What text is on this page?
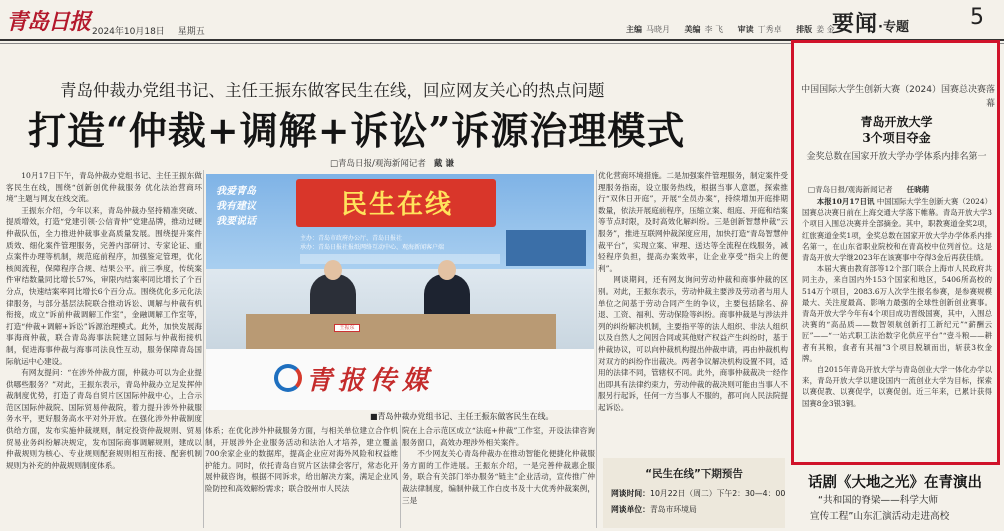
青岛日报 2024年10月18日 星期五	主编 马晓月 美编 李 飞 审读 丁秀卓 排版 姜 金
要闻·专题	5
青岛仲裁办党组书记、主任王振东做客民生在线，回应网友关心的热点问题
打造“仲裁+调解+诉讼”诉源治理模式
□青岛日报/观海新闻记者 戴 谦

10月17日下午，青岛仲裁办党组书记、主任王振东做客民生在线，围绕“创新创优仲裁服务 优化法治营商环境”主题与网友在线交流。

王振东介绍，今年以来，青岛仲裁办坚持精准突破、提质增效，打造“党建引领·公信青仲”党建品牌，推动过硬仲裁队伍，全力推进仲裁事业高质量发展。围绕提升案件质效、细化案件管理服务，完善内部研讨、专家论证、重点案件办理等机制，规范庭前程序，加强鉴定管理，优化核阅流程，保障程序合规、结果公平。前三季度，传统案件审结数量同比增长57%，审限内结案率同比增长了个百分点，快速结案率同比增长6个百分点。围绕优化多元化法律服务，与部分基层法院联合推动诉讼、调解与仲裁有机衔接，成立“诉前仲裁调解工作室”，金融调解工作室等，打造“仲裁+调解+诉讼”诉源治理模式。此外，加快发展海事海商仲裁，联合青岛海事法院建立国际与仲裁衔接机制，促进海事仲裁与海事司法良性互动，服务保障青岛国际航运中心建设。

有网友提问：“在涉外仲裁方面，仲裁办可以为企业提供哪些服务？”对此，王振东表示，青岛仲裁办立足发挥仲裁制度优势，打造了青岛自贸片区国际仲裁中心，上合示范区国际仲裁院、国际贸易仲裁院，着力提升涉外仲裁服务水平，更好服务高水平对外开放。在强化涉外仲裁制度供给方面，发布实施仲裁规则，制定投资仲裁规则、贸易贸易业务纠纷解决规定，发布国际商事调解规则，建成以仲裁规则为核心、专业规则配套规则相互衔接、配套机制规则为补充的仲裁规则制度体系。

我爱青岛
我有建议
我要说话
民生在线
主办：青岛市政府办公厅、青岛日报社
承办：青岛日报社报纸网络互动中心、观海新闻客户端
王振东
青报传媒
■青岛仲裁办党组书记、主任王振东做客民生在线。

体系；在优化涉外仲裁服务方面，与相关单位建立合作机制，开展涉外企业服务活动和法治人才培养，建立覆盖700余家企业的数据库，提高企业应对海外风险和权益维护能力。同时，依托青岛自贸片区法律会客厅，常态化开展仲裁咨询，根据不同诉求，给出解决方案，满足企业风险防控和高效解纷需求；联合胶州市人民法

院在上合示范区成立“法庭+仲裁”工作室，开设法律咨询服务窗口，高效办理涉外相关案件。

不少网友关心青岛仲裁办在推动智能化便捷化仲裁服务方面的工作进展。王振东介绍，一是完善仲裁惠企服务，联合有关部门举办服务“链主”企业活动，宣传推广仲裁法律制度，编制仲裁工作白皮书及十大优秀仲裁案例，三是

优化营商环境措施。二是加强案件管理服务，制定案件受理服务指南，设立服务热线，根据当事人意愿，探索推行“双休日开庭”，开展“全员办案”，持续增加开庭排期数量，依法开展庭前程序，压缩立案、组庭、开庭和结案等节点时限，及时高效化解纠纷。三是创新智慧仲裁“云服务”，推进互联网仲裁深度应用，加快打造“青岛智慧仲裁平台”，实现立案、审理、送达等全流程在线服务，减轻程序负担，提高办案效率，让企业享受“指尖上的便利”。

网谈期间，还有网友询问劳动仲裁和商事仲裁的区别。对此，王振东表示，劳动仲裁主要涉及劳动者与用人单位之间基于劳动合同产生的争议，主要包括除名、辞退、工资、福利、劳动保险等纠纷。商事仲裁是与涉法并列的纠纷解决机制，主要指平等的法人组织、非法人组织以及自然人之间因合同或其他财产权益产生纠纷时，基于仲裁协议，可以向仲裁机构提出仲裁申请，再由仲裁机构对双方的纠纷作出裁决。两者争议解决机构设置不同，适用的法律不同，管辖权不同。此外，商事仲裁裁决一经作出即具有法律约束力，劳动仲裁的裁决则可能由当事人不服另行起诉，任何一方当事人不服的，都可向人民法院提起诉讼。

“民生在线”下期预告
网谈时间：10月22日（周二）下午2：30—4：00
网谈单位：青岛市环境局
中国国际大学生创新大赛（2024）国赛总决赛落幕
青岛开放大学
3个项目夺金
金奖总数在国家开放大学办学体系内排名第一
□青岛日报/观海新闻记者 任晓萌

本报10月17日讯 中国国际大学生创新大赛（2024）国赛总决赛日前在上海交通大学落下帷幕。青岛开放大学3个项目入围总决赛并全部摘金。其中，职教赛道金奖2项，红旅赛道金奖1项，金奖总数在国家开放大学办学体系内排名第一，在山东省职业院校和在青高校中位列首位。这是青岛开放大学继2023年在该赛事中夺得3金后再获佳绩。

本届大赛由教育部等12个部门联合上海市人民政府共同主办，来自国内外153个国家和地区，5406所高校的514万个项目，2083.6万人次学生报名参赛，是参赛规模最大、关注度最高、影响力最强的全球性创新创业赛事。青岛开放大学今年有4个项目成功晋级国赛，其中，入围总决赛的“高品质——数智领航创新打工新纪元”“薪酬云匠”——“一站式职工法治数字化供应平台”“壹斗粮——耕者有其粮，食者有其福”3个项目脱颖而出，斩获3枚金牌。

自2015年青岛开放大学与青岛创业大学一体化办学以来，青岛开放大学以建设国内一流创业大学为目标，探索以赛促教、以赛促学，以赛促创。近三年来，已累计获得国赛8金3银3铜。

话剧《大地之光》在青演出
“共和国的脊梁——科学大师
宣传工程”山东汇演活动走进高校
